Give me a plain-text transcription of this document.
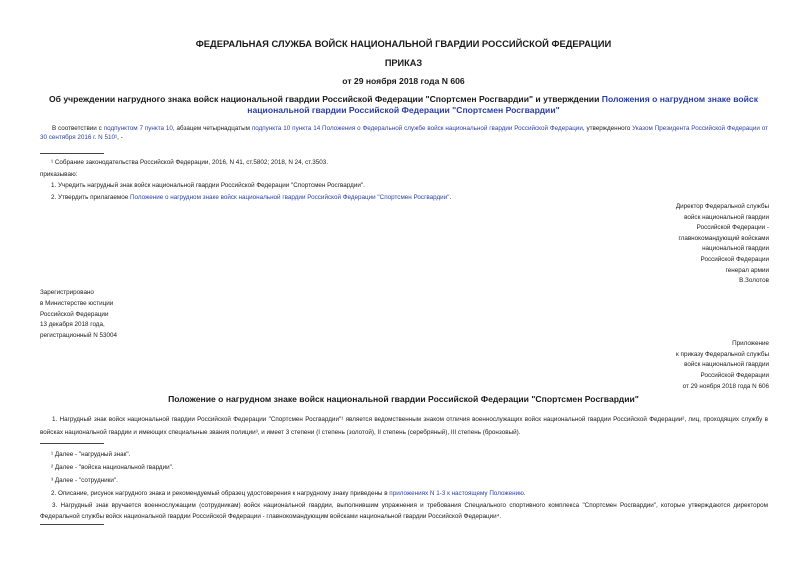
ФЕДЕРАЛЬНАЯ СЛУЖБА ВОЙСК НАЦИОНАЛЬНОЙ ГВАРДИИ РОССИЙСКОЙ ФЕДЕРАЦИИ
ПРИКАЗ
от 29 ноября 2018 года N 606
Об учреждении нагрудного знака войск национальной гвардии Российской Федерации "Спортсмен Росгвардии" и утверждении Положения о нагрудном знаке войск национальной гвардии Российской Федерации "Спортсмен Росгвардии"
В соответствии с подпунктом 7 пункта 10, абзацем четырнадцатым подпункта 10 пункта 14 Положения о Федеральной службе войск национальной гвардии Российской Федерации, утвержденного Указом Президента Российской Федерации от 30 сентября 2016 г. N 510¹, -
¹ Собрание законодательства Российской Федерации, 2016, N 41, ст.5802; 2018, N 24, ст.3503.
приказываю:
1. Учредить нагрудный знак войск национальной гвардии Российской Федерации "Спортсмен Росгвардии".
2. Утвердить прилагаемое Положение о нагрудном знаке войск национальной гвардии Российской Федерации "Спортсмен Росгвардии".
Директор Федеральной службы
войск национальной гвардии
Российской Федерации -
главнокомандующий войсками
национальной гвардии
Российской Федерации
генерал армии
В.Золотов
Зарегистрировано
в Министерстве юстиции
Российской Федерации
13 декабря 2018 года,
регистрационный N 53004
Приложение
к приказу Федеральной службы
войск национальной гвардии
Российской Федерации
от 29 ноября 2018 года N 606
Положение о нагрудном знаке войск национальной гвардии Российской Федерации "Спортсмен Росгвардии"
1. Нагрудный знак войск национальной гвардии Российской Федерации "Спортсмен Росгвардии"¹ является ведомственным знаком отличия военнослужащих войск национальной гвардии Российской Федерации², лиц, проходящих службу в войсках национальной гвардии и имеющих специальные звания полиции³, и имеет 3 степени (I степень (золотой), II степень (серебряный), III степень (бронзовый).
¹ Далее - "нагрудный знак".
² Далее - "войска национальной гвардии".
³ Далее - "сотрудники".
2. Описание, рисунок нагрудного знака и рекомендуемый образец удостоверения к нагрудному знаку приведены в приложениях N 1-3 к настоящему Положению.
3. Нагрудный знак вручается военнослужащим (сотрудникам) войск национальной гвардии, выполнившим упражнения и требования Специального спортивного комплекса "Спортсмен Росгвардии", которые утверждаются директором Федеральной службы войск национальной гвардии Российской Федерации - главнокомандующим войсками национальной гвардии Российской Федерации⁴.
